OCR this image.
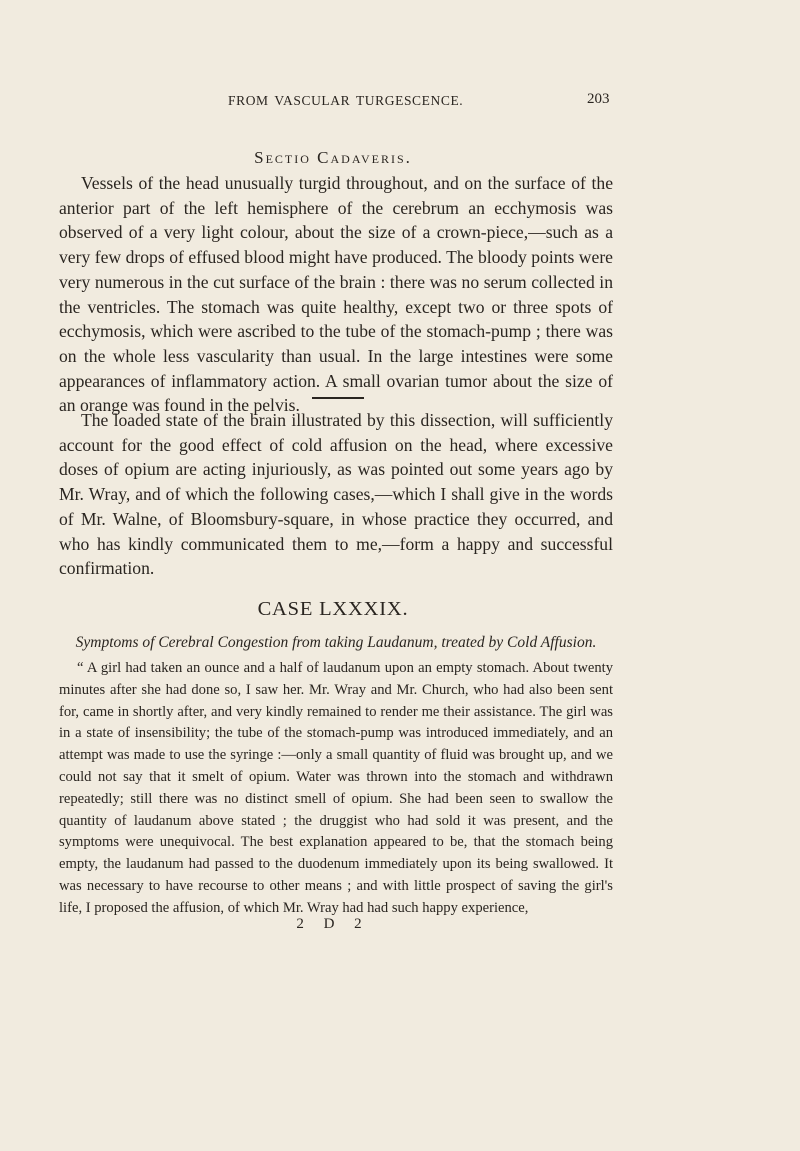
FROM VASCULAR TURGESCENCE.	203
Sectio Cadaveris.

Vessels of the head unusually turgid throughout, and on the surface of the anterior part of the left hemisphere of the cerebrum an ecchymosis was observed of a very light colour, about the size of a crown-piece,—such as a very few drops of effused blood might have produced. The bloody points were very numerous in the cut surface of the brain : there was no serum collected in the ventricles. The stomach was quite healthy, except two or three spots of ecchymosis, which were ascribed to the tube of the stomach-pump ; there was on the whole less vascularity than usual. In the large intestines were some appearances of inflammatory action. A small ovarian tumor about the size of an orange was found in the pelvis.

The loaded state of the brain illustrated by this dissection, will sufficiently account for the good effect of cold affusion on the head, where excessive doses of opium are acting injuriously, as was pointed out some years ago by Mr. Wray, and of which the following cases,—which I shall give in the words of Mr. Walne, of Bloomsbury-square, in whose practice they occurred, and who has kindly communicated them to me,—form a happy and successful confirmation.

CASE LXXXIX.
Symptoms of Cerebral Congestion from taking Laudanum, treated by Cold Affusion.

“ A girl had taken an ounce and a half of laudanum upon an empty stomach. About twenty minutes after she had done so, I saw her. Mr. Wray and Mr. Church, who had also been sent for, came in shortly after, and very kindly remained to render me their assistance. The girl was in a state of insensibility; the tube of the stomach-pump was introduced immediately, and an attempt was made to use the syringe :—only a small quantity of fluid was brought up, and we could not say that it smelt of opium. Water was thrown into the stomach and withdrawn repeatedly; still there was no distinct smell of opium. She had been seen to swallow the quantity of laudanum above stated ; the druggist who had sold it was present, and the symptoms were unequivocal. The best explanation appeared to be, that the stomach being empty, the laudanum had passed to the duodenum immediately upon its being swallowed. It was necessary to have recourse to other means ; and with little prospect of saving the girl's life, I proposed the affusion, of which Mr. Wray had had such happy experience,

2 D 2
